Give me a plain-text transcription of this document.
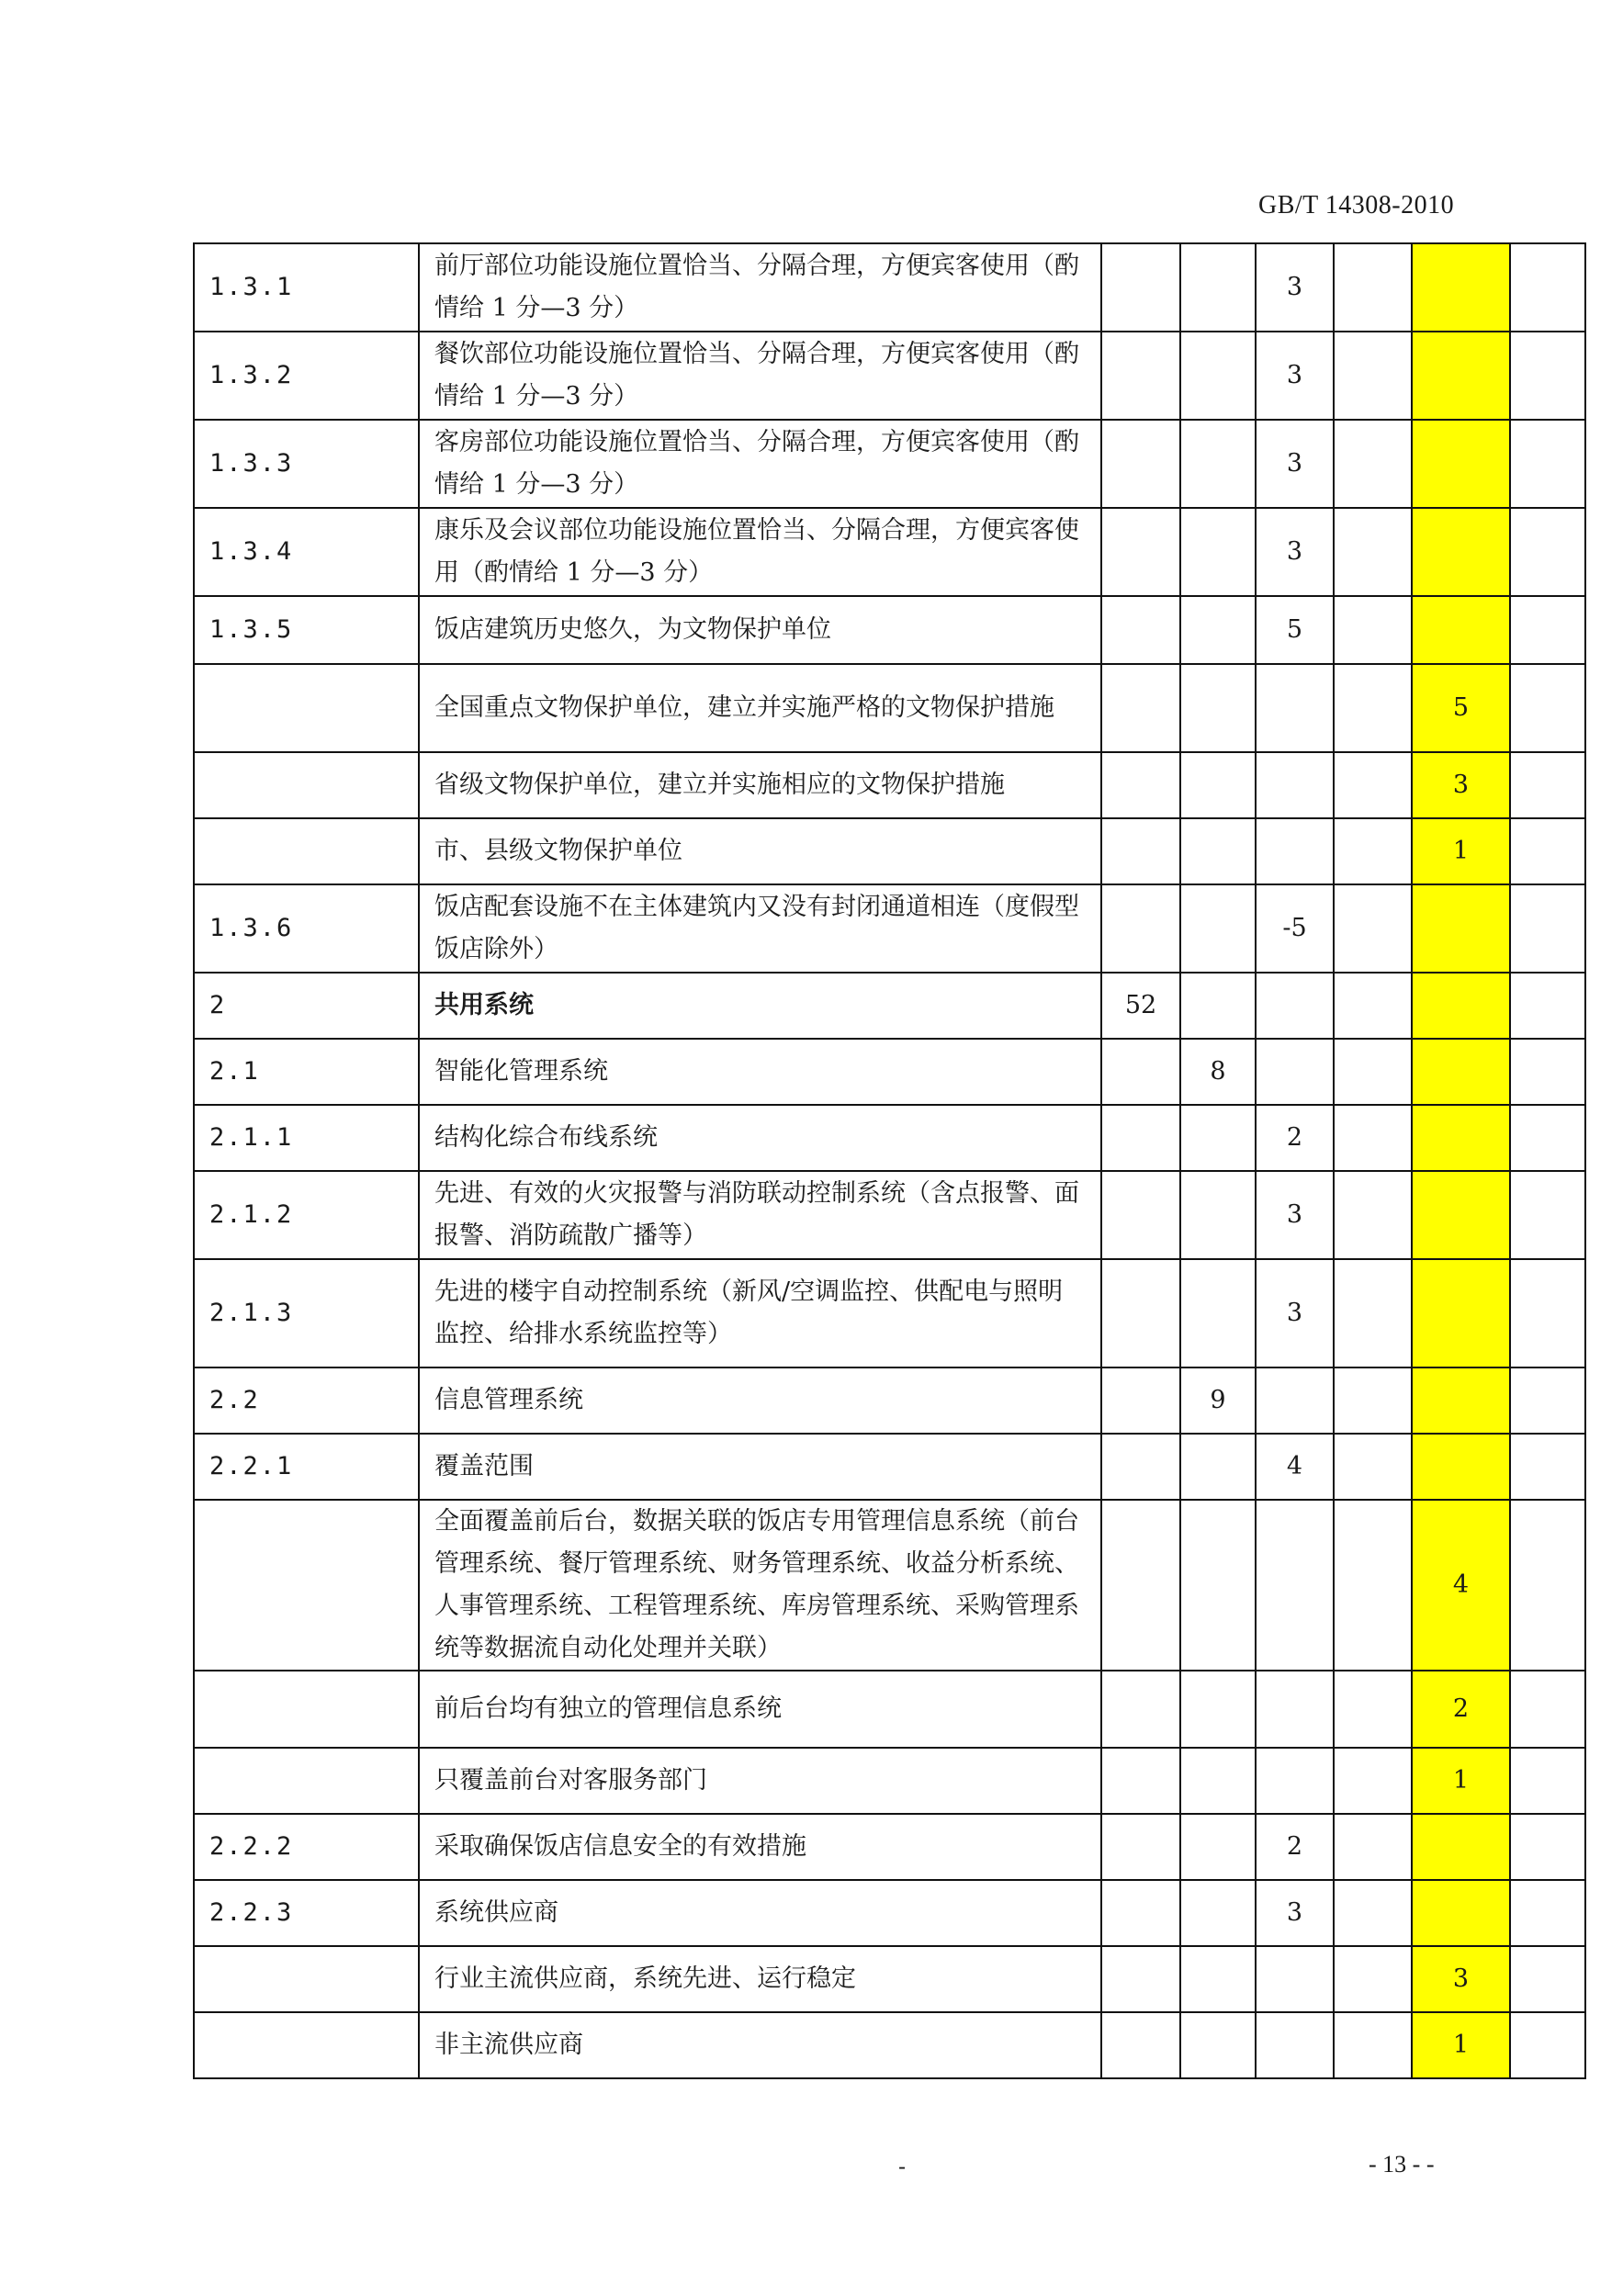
GB/T 14308-2010
1.3.1	前厅部位功能设施位置恰当、分隔合理，方便宾客使用（酌情给 1 分—3 分）			3			
1.3.2	餐饮部位功能设施位置恰当、分隔合理，方便宾客使用（酌情给 1 分—3 分）			3			
1.3.3	客房部位功能设施位置恰当、分隔合理，方便宾客使用（酌情给 1 分—3 分）			3			
1.3.4	康乐及会议部位功能设施位置恰当、分隔合理，方便宾客使用（酌情给 1 分—3 分）			3			
1.3.5	饭店建筑历史悠久，为文物保护单位			5			
	全国重点文物保护单位，建立并实施严格的文物保护措施					5	
	省级文物保护单位，建立并实施相应的文物保护措施					3	
	市、县级文物保护单位					1	
1.3.6	饭店配套设施不在主体建筑内又没有封闭通道相连（度假型饭店除外）			-5			
2	共用系统	52					
2.1	智能化管理系统		8				
2.1.1	结构化综合布线系统			2			
2.1.2	先进、有效的火灾报警与消防联动控制系统（含点报警、面报警、消防疏散广播等）			3			
2.1.3	先进的楼宇自动控制系统（新风/空调监控、供配电与照明监控、给排水系统监控等）			3			
2.2	信息管理系统		9				
2.2.1	覆盖范围			4			
	全面覆盖前后台，数据关联的饭店专用管理信息系统（前台管理系统、餐厅管理系统、财务管理系统、收益分析系统、人事管理系统、工程管理系统、库房管理系统、采购管理系统等数据流自动化处理并关联）					4	
	前后台均有独立的管理信息系统					2	
	只覆盖前台对客服务部门					1	
2.2.2	采取确保饭店信息安全的有效措施			2			
2.2.3	系统供应商			3			
	行业主流供应商，系统先进、运行稳定					3	
	非主流供应商					1	
-	- 13 - -
